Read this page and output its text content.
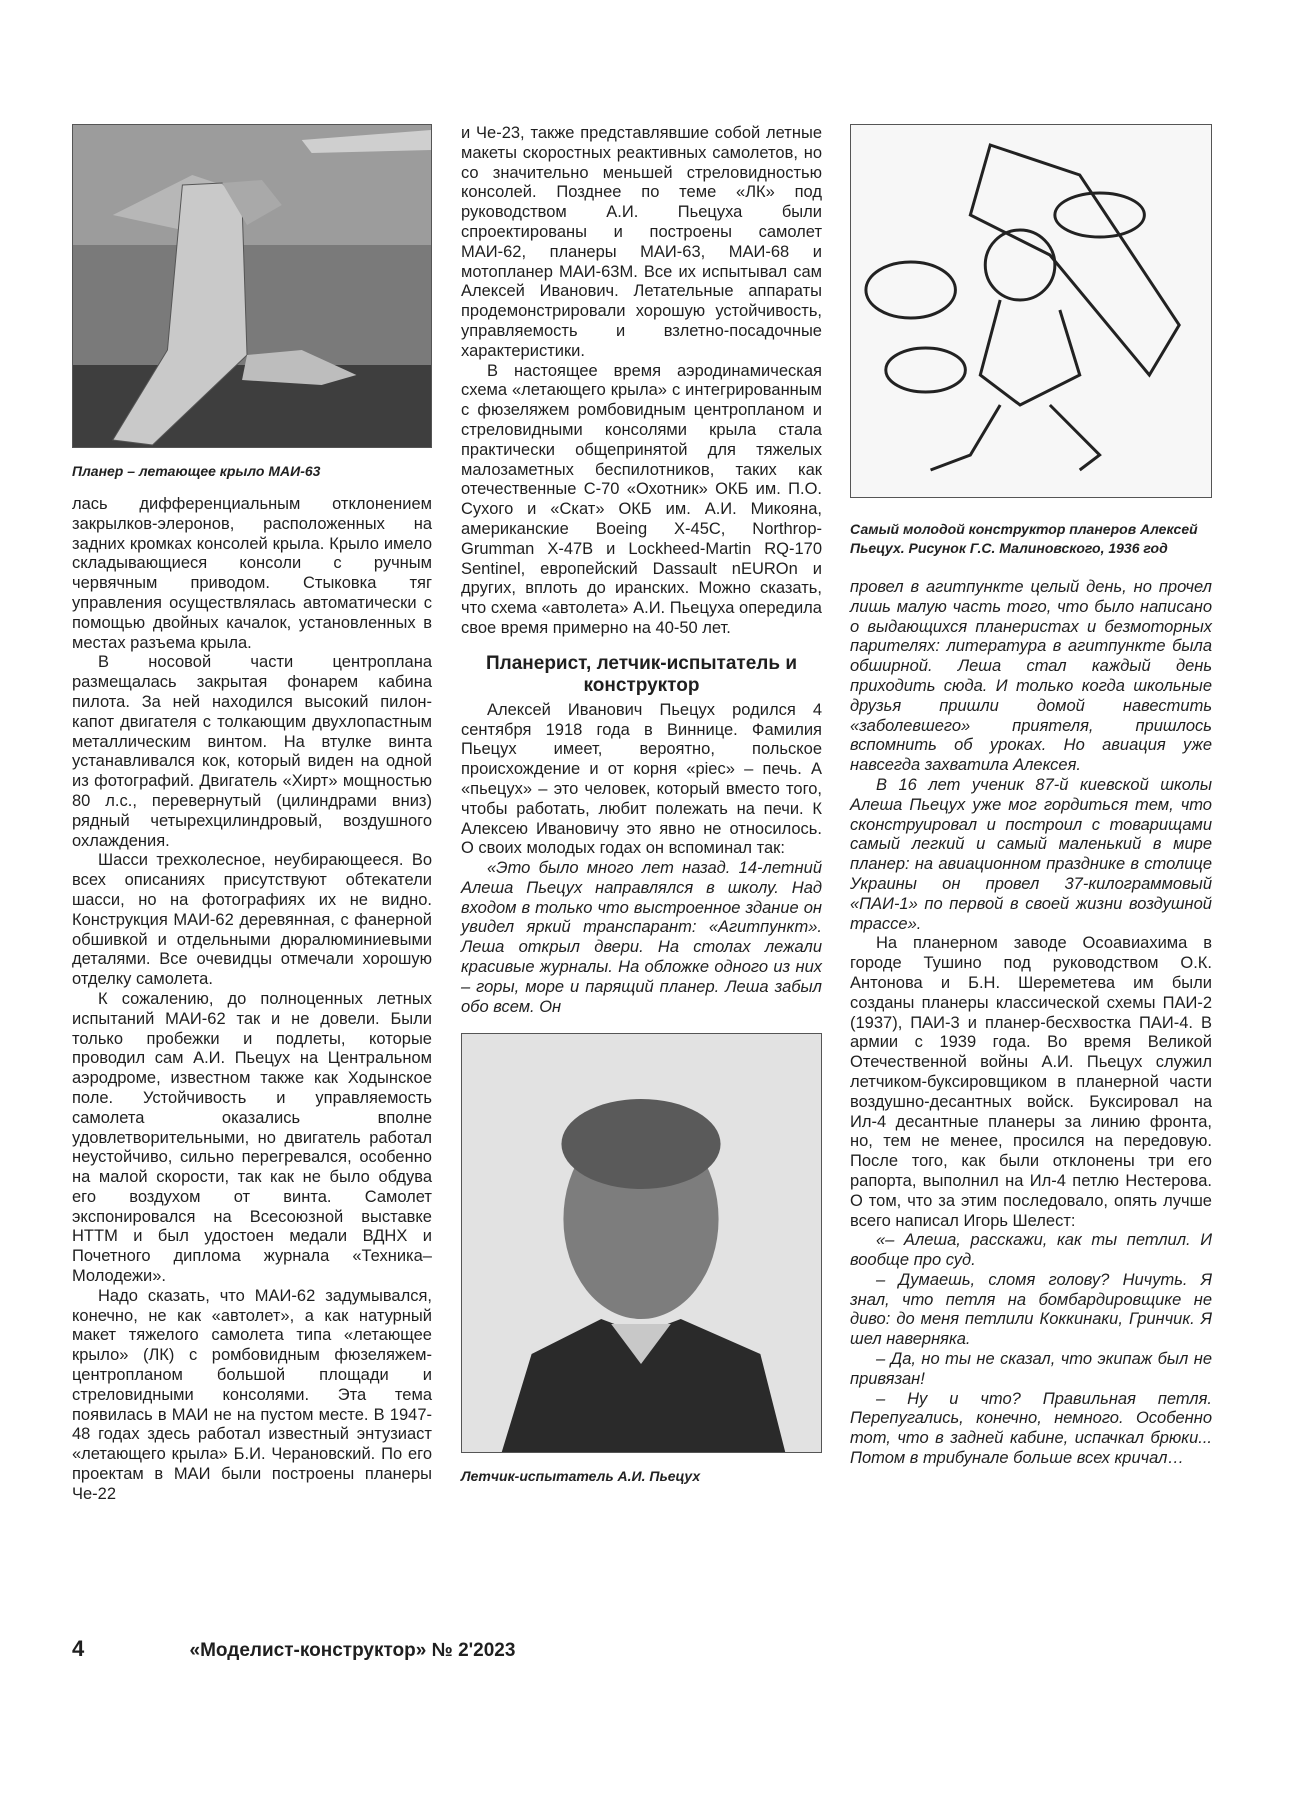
Планер – летающее крыло МАИ-63

лась дифференциальным отклонением закрылков-элеронов, расположенных на задних кромках консолей крыла. Крыло имело складывающиеся консоли с ручным червячным приводом. Стыковка тяг управления осуществлялась автоматически с помощью двойных качалок, установленных в местах разъема крыла.

В носовой части центроплана размещалась закрытая фонарем кабина пилота. За ней находился высокий пилон-капот двигателя с толкающим двухлопастным металлическим винтом. На втулке винта устанавливался кок, который виден на одной из фотографий. Двигатель «Хирт» мощностью 80 л.с., перевернутый (цилиндрами вниз) рядный четырехцилиндровый, воздушного охлаждения.

Шасси трехколесное, неубирающееся. Во всех описаниях присутствуют обтекатели шасси, но на фотографиях их не видно. Конструкция МАИ-62 деревянная, с фанерной обшивкой и отдельными дюралюминиевыми деталями. Все очевидцы отмечали хорошую отделку самолета.

К сожалению, до полноценных летных испытаний МАИ-62 так и не довели. Были только пробежки и подлеты, которые проводил сам А.И. Пьецух на Центральном аэродроме, известном также как Ходынское поле. Устойчивость и управляемость самолета оказались вполне удовлетворительными, но двигатель работал неустойчиво, сильно перегревался, особенно на малой скорости, так как не было обдува его воздухом от винта. Самолет экспонировался на Всесоюзной выставке НТТМ и был удостоен медали ВДНХ и Почетного диплома журнала «Техника–Молодежи».

Надо сказать, что МАИ-62 задумывался, конечно, не как «автолет», а как натурный макет тяжелого самолета типа «летающее крыло» (ЛК) с ромбовидным фюзеляжем-центропланом большой площади и стреловидными консолями. Эта тема появилась в МАИ не на пустом месте. В 1947-48 годах здесь работал известный энтузиаст «летающего крыла» Б.И. Черановский. По его проектам в МАИ были построены планеры Че-22

и Че-23, также представлявшие собой летные макеты скоростных реактивных самолетов, но со значительно меньшей стреловидностью консолей. Позднее по теме «ЛК» под руководством А.И. Пьецуха были спроектированы и построены самолет МАИ-62, планеры МАИ-63, МАИ-68 и мотопланер МАИ-63М. Все их испытывал сам Алексей Иванович. Летательные аппараты продемонстрировали хорошую устойчивость, управляемость и взлетно-посадочные характеристики.

В настоящее время аэродинамическая схема «летающего крыла» с интегрированным с фюзеляжем ромбовидным центропланом и стреловидными консолями крыла стала практически общепринятой для тяжелых малозаметных беспилотников, таких как отечественные С-70 «Охотник» ОКБ им. П.О. Сухого и «Скат» ОКБ им. А.И. Микояна, американские Boeing X-45C, Northrop-Grumman X-47B и Lockheed-Martin RQ-170 Sentinel, европейский Dassault nEUROn и других, вплоть до иранских. Можно сказать, что схема «автолета» А.И. Пьецуха опередила свое время примерно на 40-50 лет.

Планерист, летчик-испытатель и конструктор

Алексей Иванович Пьецух родился 4 сентября 1918 года в Виннице. Фамилия Пьецух имеет, вероятно, польское происхождение и от корня «piec» – печь. А «пьецух» – это человек, который вместо того, чтобы работать, любит полежать на печи. К Алексею Ивановичу это явно не относилось. О своих молодых годах он вспоминал так:

«Это было много лет назад. 14-летний Алеша Пьецух направлялся в школу. Над входом в только что выстроенное здание он увидел яркий транспарант: «Агитпункт». Леша открыл двери. На столах лежали красивые журналы. На обложке одного из них – горы, море и парящий планер. Леша забыл обо всем. Он

Летчик-испытатель А.И. Пьецух
Самый молодой конструктор планеров Алексей Пьецух. Рисунок Г.С. Малиновского, 1936 год

провел в агитпункте целый день, но прочел лишь малую часть того, что было написано о выдающихся планеристах и безмоторных парителях: литература в агитпункте была обширной. Леша стал каждый день приходить сюда. И только когда школьные друзья пришли домой навестить «заболевшего» приятеля, пришлось вспомнить об уроках. Но авиация уже навсегда захватила Алексея.

В 16 лет ученик 87-й киевской школы Алеша Пьецух уже мог гордиться тем, что сконструировал и построил с товарищами самый легкий и самый маленький в мире планер: на авиационном празднике в столице Украины он провел 37-килограммовый «ПАИ-1» по первой в своей жизни воздушной трассе».

На планерном заводе Осоавиахима в городе Тушино под руководством О.К. Антонова и Б.Н. Шереметева им были созданы планеры классической схемы ПАИ-2 (1937), ПАИ-3 и планер-бесхвостка ПАИ-4. В армии с 1939 года. Во время Великой Отечественной войны А.И. Пьецух служил летчиком-буксировщиком в планерной части воздушно-десантных войск. Буксировал на Ил-4 десантные планеры за линию фронта, но, тем не менее, просился на передовую. После того, как были отклонены три его рапорта, выполнил на Ил-4 петлю Нестерова. О том, что за этим последовало, опять лучше всего написал Игорь Шелест:

«– Алеша, расскажи, как ты петлил. И вообще про суд.

– Думаешь, сломя голову? Ничуть. Я знал, что петля на бомбардировщике не диво: до меня петлили Коккинаки, Гринчик. Я шел наверняка.

– Да, но ты не сказал, что экипаж был не привязан!

– Ну и что? Правильная петля. Перепугались, конечно, немного. Особенно тот, что в задней кабине, испачкал брюки... Потом в трибунале больше всех кричал…

4	«Моделист-конструктор» № 2'2023
